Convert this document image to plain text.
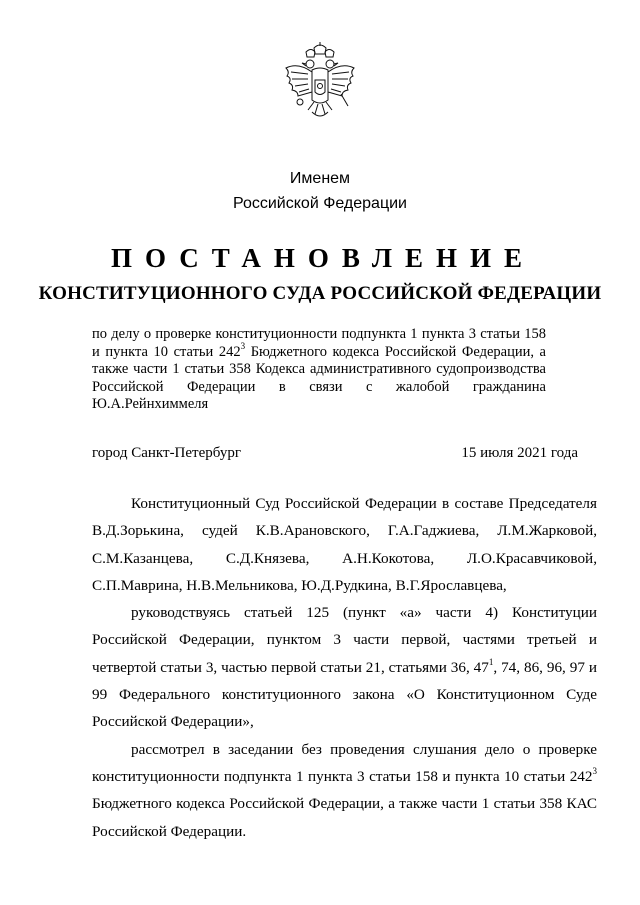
Именем
Российской Федерации
ПОСТАНОВЛЕНИЕ
КОНСТИТУЦИОННОГО СУДА РОССИЙСКОЙ ФЕДЕРАЦИИ
по делу о проверке конституционности подпункта 1 пункта 3 статьи 158 и пункта 10 статьи $242^3$ Бюджетного кодекса Российской Федерации, а также части 1 статьи 358 Кодекса административного судопроизводства Российской Федерации в связи с жалобой гражданина Ю.А.Рейнхиммеля
город Санкт-Петербург	15 июля 2021 года

Конституционный Суд Российской Федерации в составе Председателя В.Д.Зорькина, судей К.В.Арановского, Г.А.Гаджиева, Л.М.Жарковой, С.М.Казанцева, С.Д.Князева, А.Н.Кокотова, Л.О.Красавчиковой, С.П.Маврина, Н.В.Мельникова, Ю.Д.Рудкина, В.Г.Ярославцева,

руководствуясь статьей 125 (пункт «а» части 4) Конституции Российской Федерации, пунктом 3 части первой, частями третьей и четвертой статьи 3, частью первой статьи 21, статьями 36, $47^1$, 74, 86, 96, 97 и 99 Федерального конституционного закона «О Конституционном Суде Российской Федерации»,

рассмотрел в заседании без проведения слушания дело о проверке конституционности подпункта 1 пункта 3 статьи 158 и пункта 10 статьи $242^3$ Бюджетного кодекса Российской Федерации, а также части 1 статьи 358 КАС Российской Федерации.
